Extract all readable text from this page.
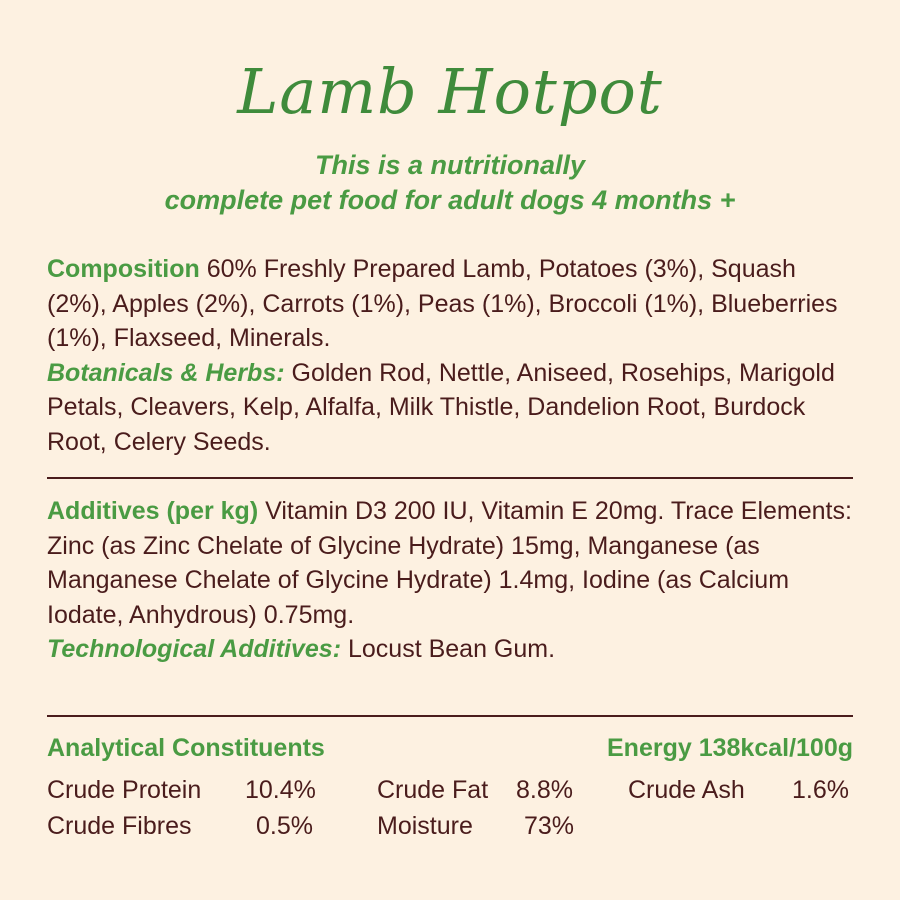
Lamb Hotpot
This is a nutritionally
complete pet food for adult dogs 4 months +

Composition 60% Freshly Prepared Lamb, Potatoes (3%), Squash (2%), Apples (2%), Carrots (1%), Peas (1%), Broccoli (1%), Blueberries (1%), Flaxseed, Minerals.

Botanicals & Herbs: Golden Rod, Nettle, Aniseed, Rosehips, Marigold Petals, Cleavers, Kelp, Alfalfa, Milk Thistle, Dandelion Root, Burdock Root, Celery Seeds.

Additives (per kg) Vitamin D3 200 IU, Vitamin E 20mg. Trace Elements: Zinc (as Zinc Chelate of Glycine Hydrate) 15mg, Manganese (as Manganese Chelate of Glycine Hydrate) 1.4mg, Iodine (as Calcium Iodate, Anhydrous) 0.75mg.

Technological Additives: Locust Bean Gum.

Analytical Constituents	Energy 138kcal/100g
Crude Protein 10.4% Crude Fat 8.8% Crude Ash 1.6%
Crude Fibres	0.5%	Moisture 73%
